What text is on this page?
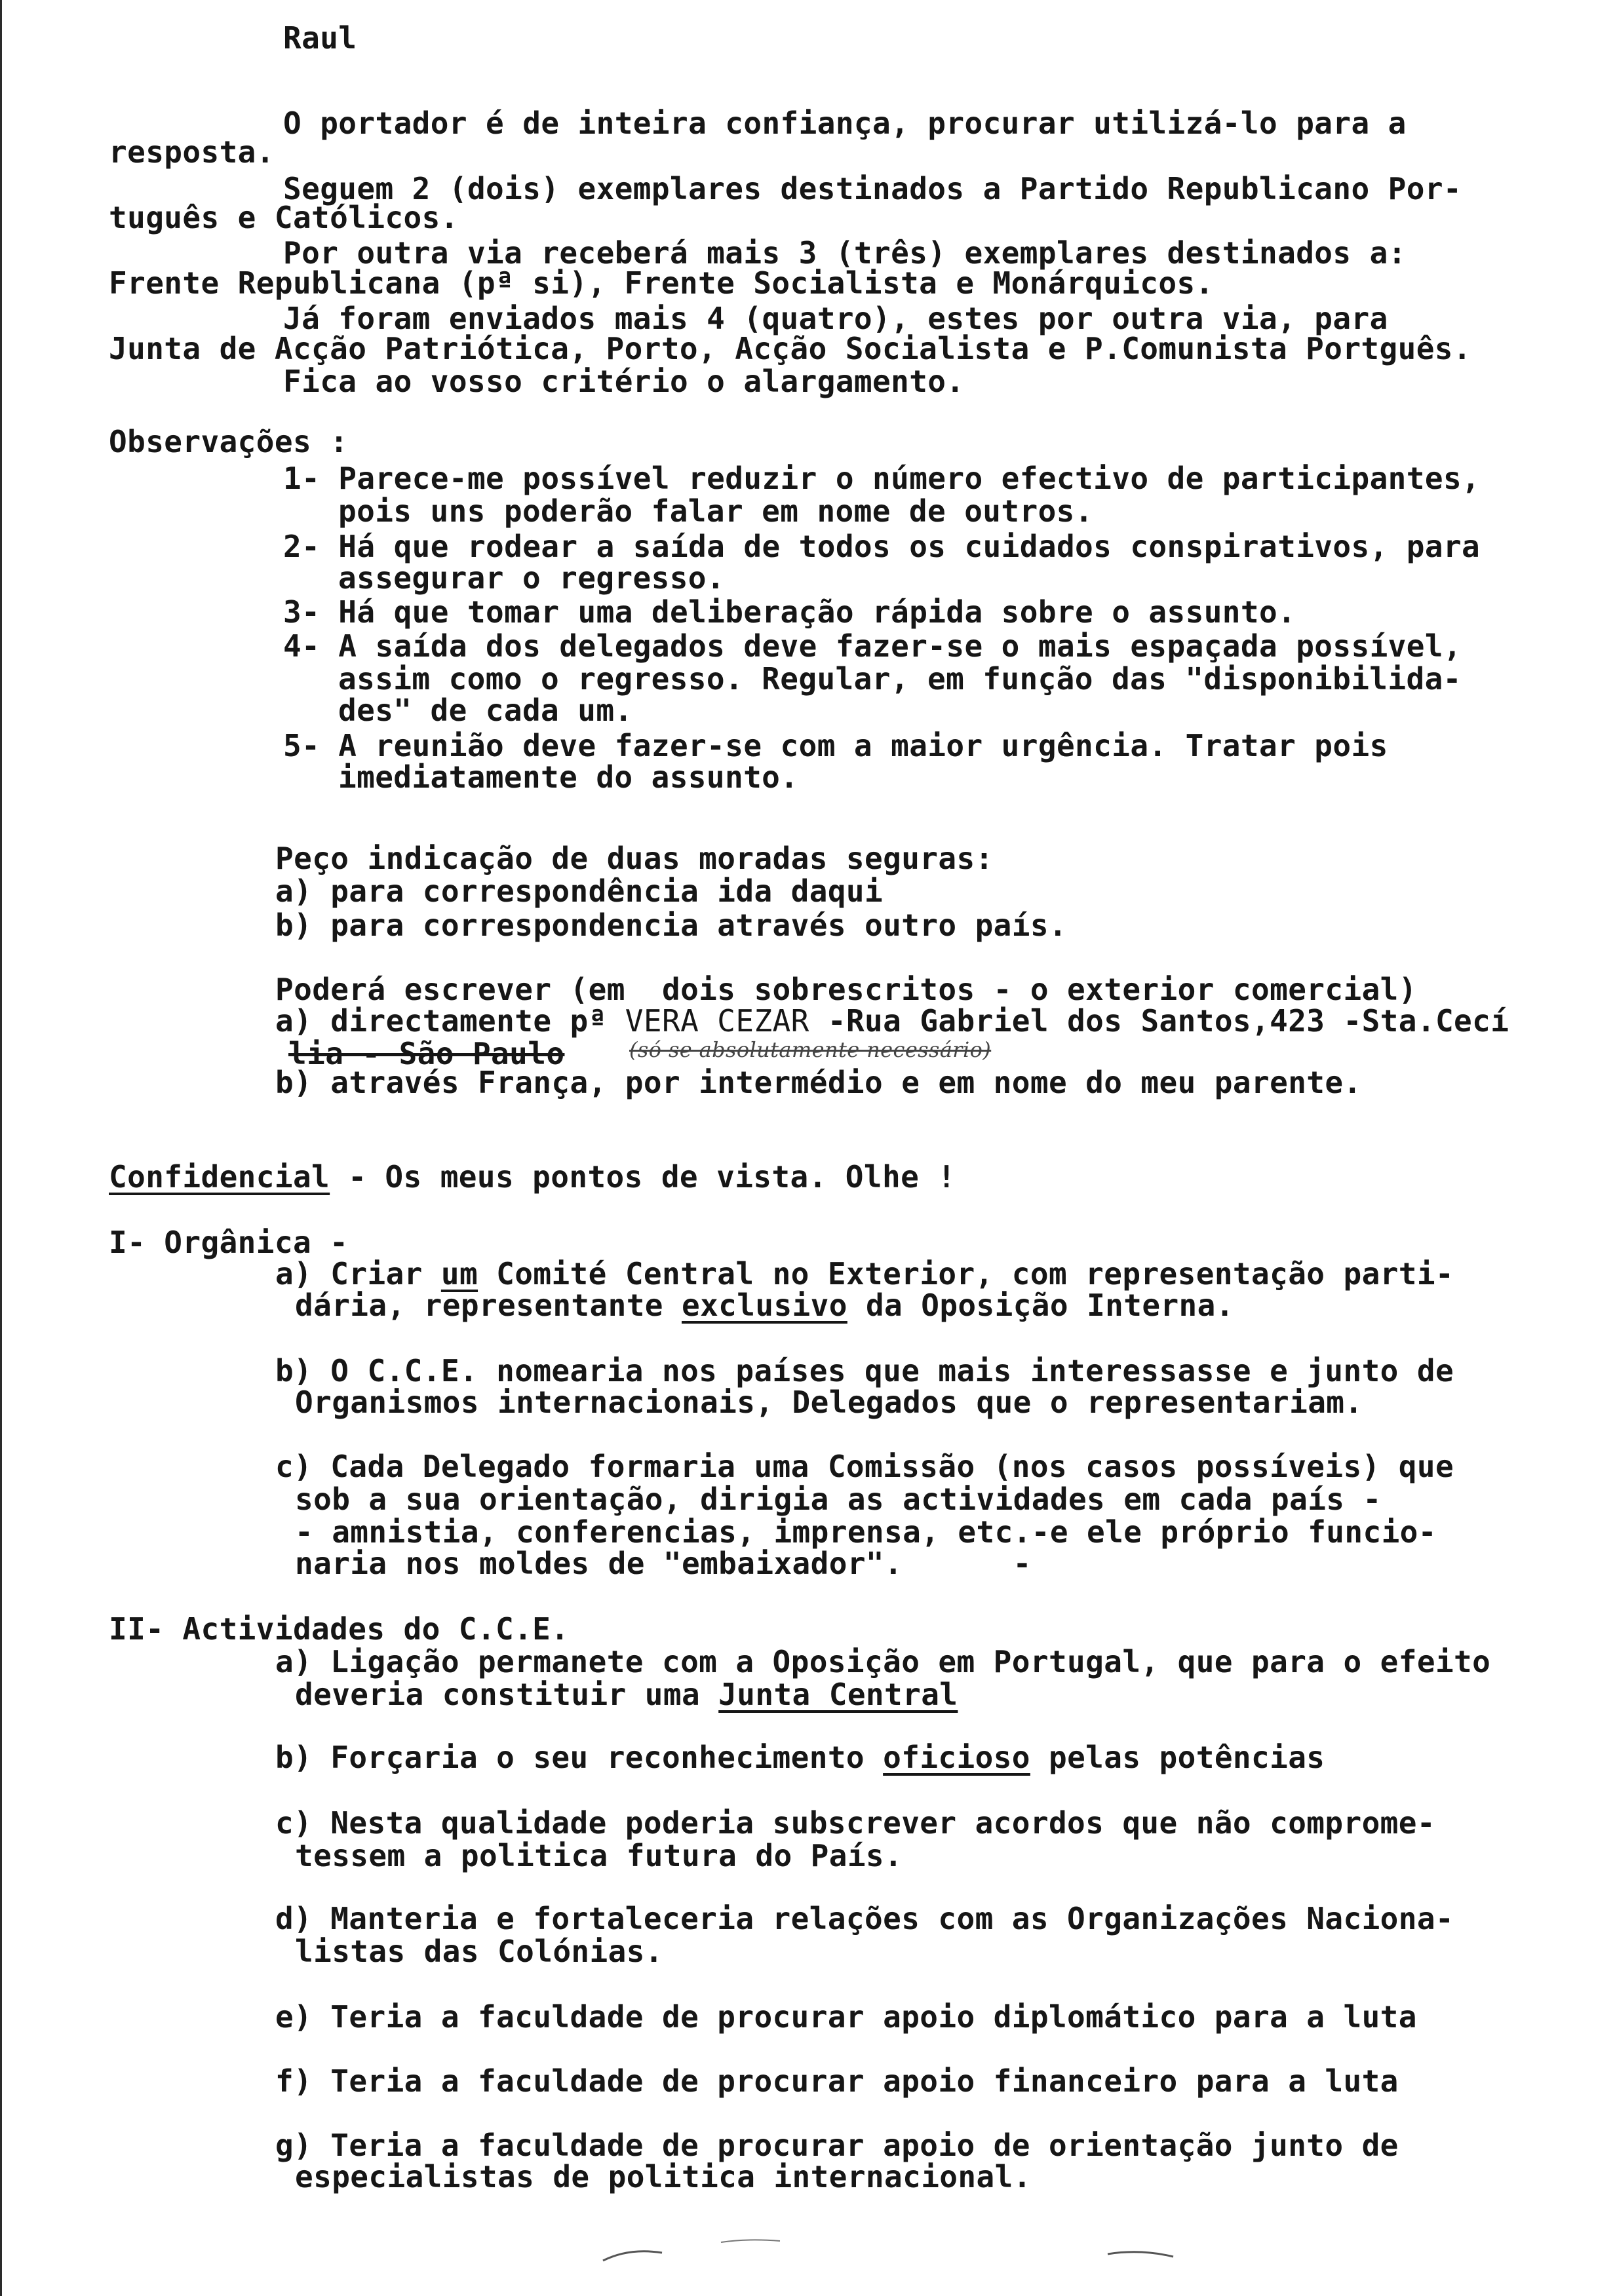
Raul
O portador é de inteira confiança, procurar utilizá-lo para a
resposta.
Seguem 2 (dois) exemplares destinados a Partido Republicano Por-
tuguês e Católicos.
Por outra via receberá mais 3 (três) exemplares destinados a:
Frente Republicana (pª si), Frente Socialista e Monárquicos.
Já foram enviados mais 4 (quatro), estes por outra via, para
Junta de Acção Patriótica, Porto, Acção Socialista e P.Comunista Portguês.
Fica ao vosso critério o alargamento.
Observações :
1- Parece-me possível reduzir o número efectivo de participantes,
pois uns poderão falar em nome de outros.
2- Há que rodear a saída de todos os cuidados conspirativos, para
assegurar o regresso.
3- Há que tomar uma deliberação rápida sobre o assunto.
4- A saída dos delegados deve fazer-se o mais espaçada possível,
assim como o regresso. Regular, em função das "disponibilida-
des" de cada um.
5- A reunião deve fazer-se com a maior urgência. Tratar pois
imediatamente do assunto.
Peço indicação de duas moradas seguras:
a) para correspondência ida daqui
b) para correspondencia através outro país.
Poderá escrever (em  dois sobrescritos - o exterior comercial)
a) directamente pª VERA CEZAR -Rua Gabriel dos Santos,423 -Sta.Cecí
lia - São Paulo	(só se absolutamente necessário)
b) através França, por intermédio e em nome do meu parente.
Confidencial - Os meus pontos de vista. Olhe !
I- Orgânica -
a) Criar um Comité Central no Exterior, com representação parti-
dária, representante exclusivo da Oposição Interna.
b) O C.C.E. nomearia nos países que mais interessasse e junto de
Organismos internacionais, Delegados que o representariam.
c) Cada Delegado formaria uma Comissão (nos casos possíveis) que
sob a sua orientação, dirigia as actividades em cada país -
- amnistia, conferencias, imprensa, etc.-e ele próprio funcio-
naria nos moldes de "embaixador".      -
II- Actividades do C.C.E.
a) Ligação permanete com a Oposição em Portugal, que para o efeito
deveria constituir uma Junta Central
b) Forçaria o seu reconhecimento oficioso pelas potências
c) Nesta qualidade poderia subscrever acordos que não comprome-
tessem a politica futura do País.
d) Manteria e fortaleceria relações com as Organizações Naciona-
listas das Colónias.
e) Teria a faculdade de procurar apoio diplomático para a luta
f) Teria a faculdade de procurar apoio financeiro para a luta
g) Teria a faculdade de procurar apoio de orientação junto de
especialistas de politica internacional.
